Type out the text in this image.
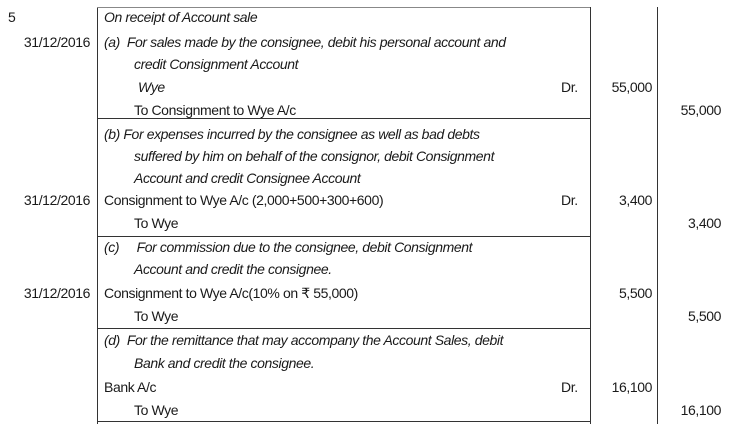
5	On receipt of Account sale
31/12/2016 (a)  For sales made by the consignee, debit his personal account and
credit Consignment Account
Wye	Dr. 55,000
To Consignment to Wye A/c	55,000
(b) For expenses incurred by the consignee as well as bad debts
suffered by him on behalf of the consignor, debit Consignment
Account and credit Consignee Account
31/12/2016 Consignment to Wye A/c (2,000+500+300+600)	Dr.	3,400
To Wye	3,400
(c)     For commission due to the consignee, debit Consignment
Account and credit the consignee.
31/12/2016 Consignment to Wye A/c(10% on ₹ 55,000)	5,500
To Wye	5,500
(d)  For the remittance that may accompany the Account Sales, debit
Bank and credit the consignee.
Bank A/c	Dr. 16,100
To Wye	16,100
